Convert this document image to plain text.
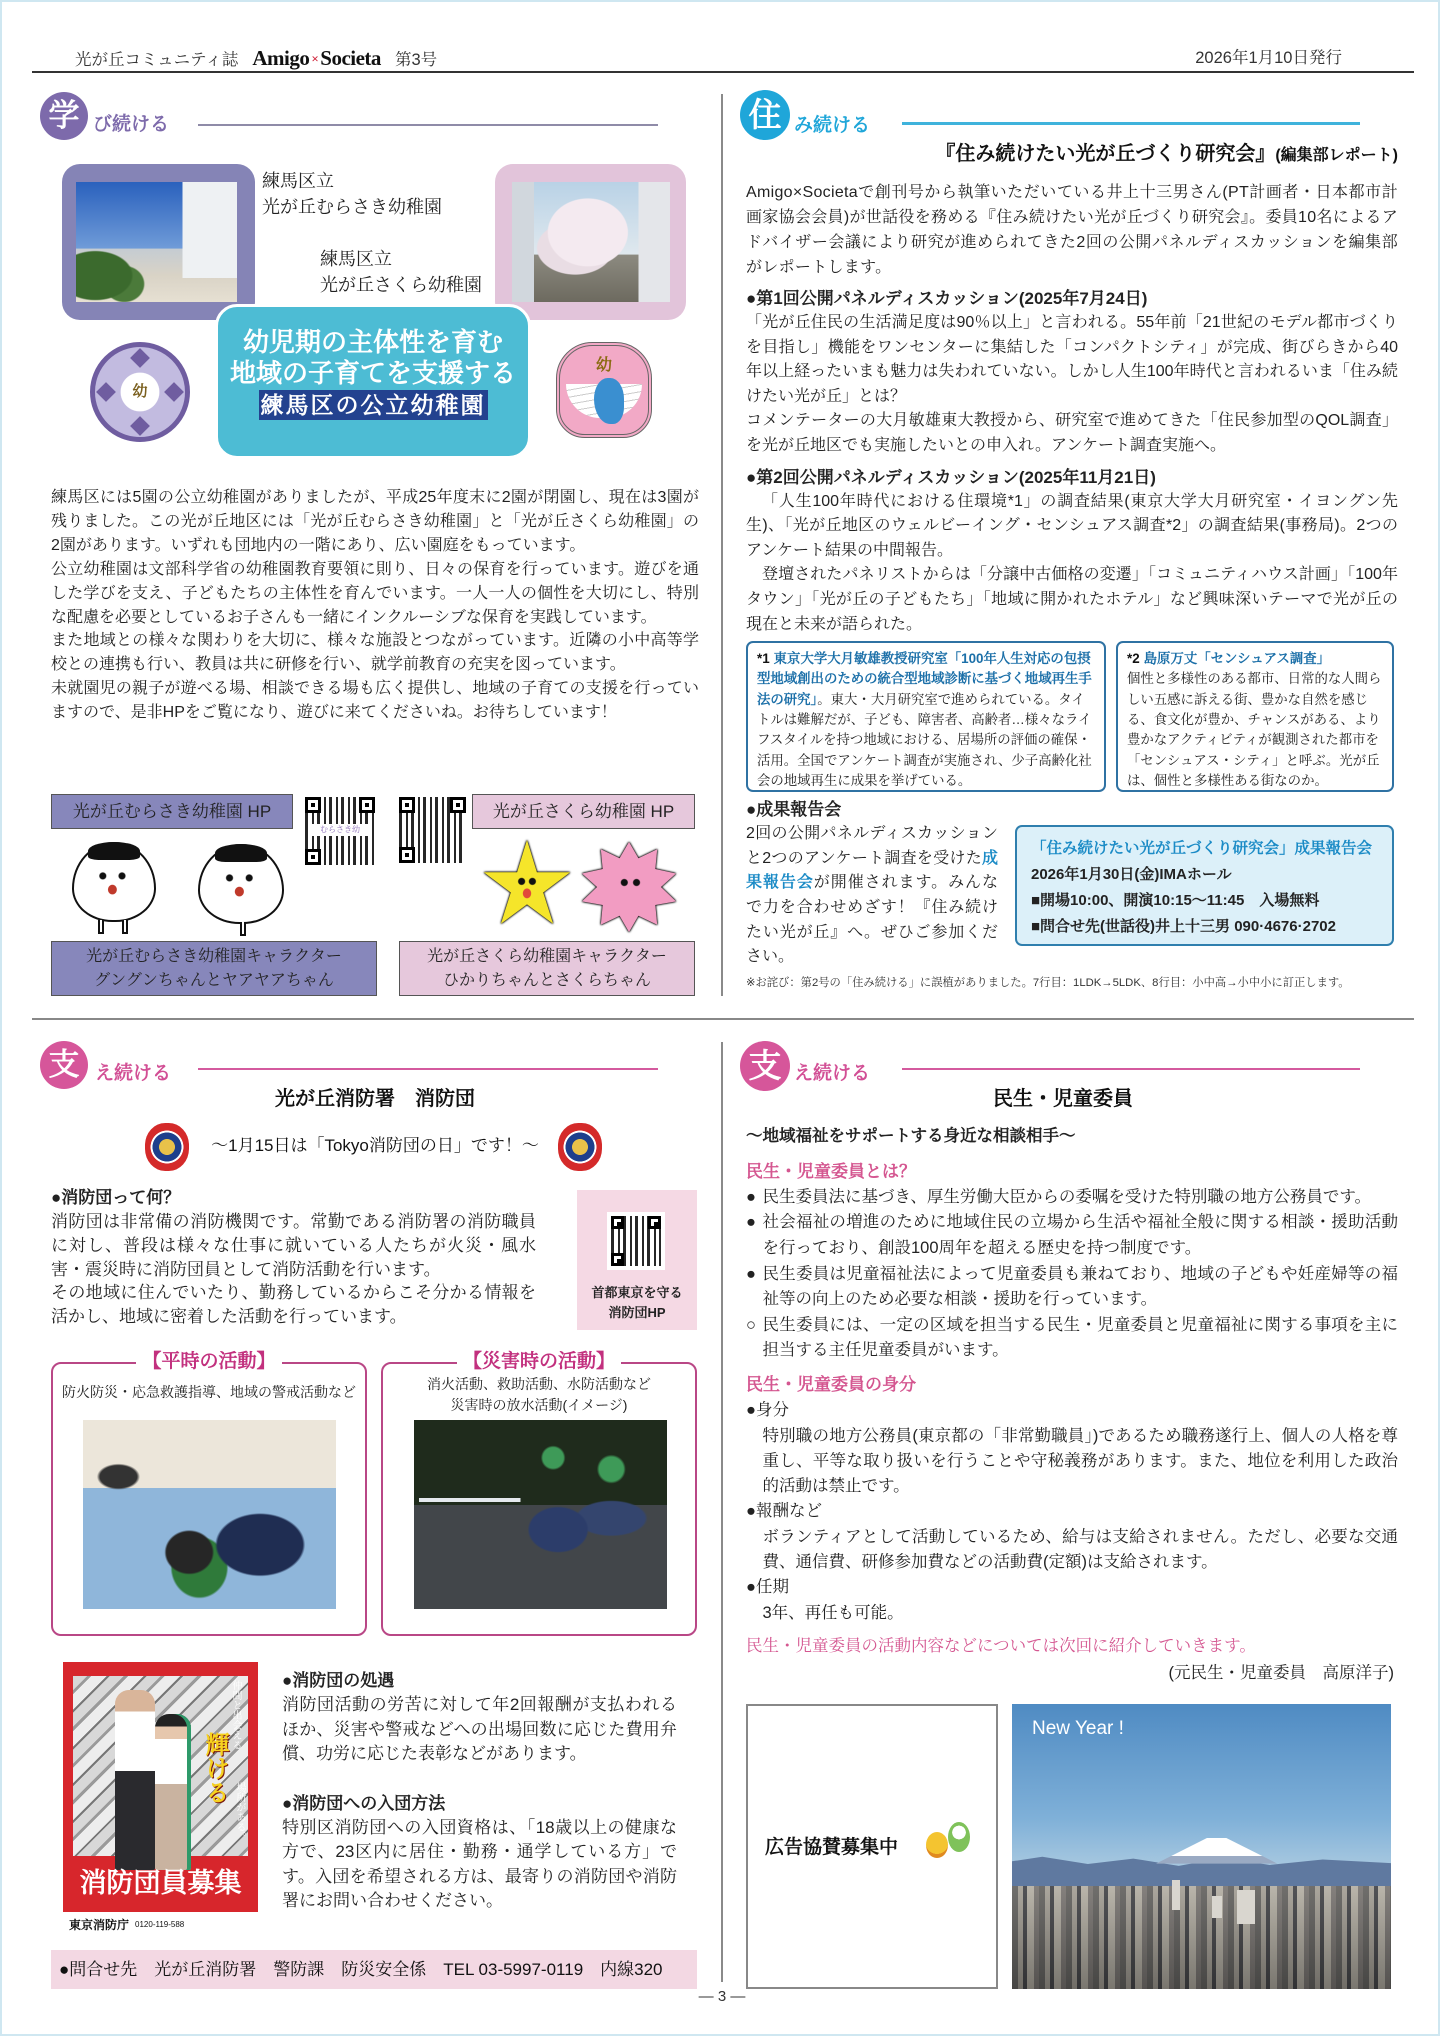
光が丘コミュニティ誌 Amigo ×Societa 第3号	2026年1月10日発行
学 び続ける
練馬区立
光が丘むらさき幼稚園
練馬区立
光が丘さくら幼稚園
幼児期の主体性を育む
地域の子育てを支援する
練馬区の公立幼稚園
幼
幼

練馬区には5園の公立幼稚園がありましたが、平成25年度末に2園が閉園し、現在は3園が残りました。この光が丘地区には「光が丘むらさき幼稚園」と「光が丘さくら幼稚園」の2園があります。いずれも団地内の一階にあり、広い園庭をもっています。

公立幼稚園は文部科学省の幼稚園教育要領に則り、日々の保育を行っています。遊びを通した学びを支え、子どもたちの主体性を育んでいます。一人一人の個性を大切にし、特別な配慮を必要としているお子さんも一緒にインクルーシブな保育を実践しています。

また地域との様々な関わりを大切に、様々な施設とつながっています。近隣の小中高等学校との連携も行い、教員は共に研修を行い、就学前教育の充実を図っています。

未就園児の親子が遊べる場、相談できる場も広く提供し、地域の子育ての支援を行っていますので、是非HPをご覧になり、遊びに来てくださいね。お待ちしています！

光が丘むらさき幼稚園 HP
むらさき幼
光が丘さくら幼稚園 HP
光が丘むらさき幼稚園キャラクター
グングンちゃんとヤアヤアちゃん
光が丘さくら幼稚園キャラクター
ひかりちゃんとさくらちゃん
住 み続ける
『住み続けたい光が丘づくり研究会』(編集部レポート)

Amigo×Societaで創刊号から執筆いただいている井上十三男さん(PT計画者・日本都市計画家協会会員)が世話役を務める『住み続けたい光が丘づくり研究会』。委員10名によるアドバイザー会議により研究が進められてきた2回の公開パネルディスカッションを編集部がレポートします。

●第1回公開パネルディスカッション(2025年7月24日)

「光が丘住民の生活満足度は90％以上」と言われる。55年前「21世紀のモデル都市づくりを目指し」機能をワンセンターに集結した「コンパクトシティ」が完成、街びらきから40年以上経ったいまも魅力は失われていない。しかし人生100年時代と言われるいま「住み続けたい光が丘」とは？

コメンテーターの大月敏雄東大教授から、研究室で進めてきた「住民参加型のQOL調査」を光が丘地区でも実施したいとの申入れ。アンケート調査実施へ。

●第2回公開パネルディスカッション(2025年11月21日)

「人生100年時代における住環境*1」の調査結果(東京大学大月研究室・イヨングン先生)、「光が丘地区のウェルビーイング・センシュアス調査*2」の調査結果(事務局)。2つのアンケート結果の中間報告。

登壇されたパネリストからは「分譲中古価格の変遷」「コミュニティハウス計画」「100年タウン」「光が丘の子どもたち」「地域に開かれたホテル」など興味深いテーマで光が丘の現在と未来が語られた。

*1 東京大学大月敏雄教授研究室「100年人生対応の包摂型地域創出のための統合型地域診断に基づく地域再生手法の研究」。東大・大月研究室で進められている。タイトルは難解だが、子ども、障害者、高齢者…様々なライフスタイルを持つ地域における、居場所の評価の確保・活用。全国でアンケート調査が実施され、少子高齢化社会の地域再生に成果を挙げている。
*2 島原万丈「センシュアス調査」
個性と多様性のある都市、日常的な人間らしい五感に訴える街、豊かな自然を感じる、食文化が豊か、チャンスがある、より豊かなアクティビティが観測された都市を「センシュアス・シティ」と呼ぶ。光が丘は、個性と多様性ある街なのか。
●成果報告会

2回の公開パネルディスカッションと2つのアンケート調査を受けた成果報告会が開催されます。みんなで力を合わせめざす！『住み続けたい光が丘』へ。ぜひご参加ください。

「住み続けたい光が丘づくり研究会」成果報告会
2026年1月30日(金)IMAホール
■開場10:00、開演10:15～11:45　入場無料
■問合せ先(世話役)井上十三男 090·4676·2702
※お詫び：第2号の「住み続ける」に誤植がありました。7行目：1LDK→5LDK、8行目：小中高→小中小に訂正します。
支 え続ける
光が丘消防署　消防団
～1月15日は「Tokyo消防団の日」です！～
●消防団って何？

消防団は非常備の消防機関です。常勤である消防署の消防職員に対し、普段は様々な仕事に就いている人たちが火災・風水害・震災時に消防団員として消防活動を行います。

その地域に住んでいたり、勤務しているからこそ分かる情報を活かし、地域に密着した活動を行っています。

首都東京を守る
消防団HP
【平時の活動】
防火防災・応急救護指導、地域の警戒活動など
【災害時の活動】
消火活動、救助活動、水防活動など
災害時の放水活動(イメージ)
仲間と出会える
輝ける
場所がある。
消防団員募集
東京消防庁 0120-119-588
●消防団の処遇

消防団活動の労苦に対して年2回報酬が支払われるほか、災害や警戒などへの出場回数に応じた費用弁償、功労に応じた表彰などがあります。

●消防団への入団方法

特別区消防団への入団資格は、「18歳以上の健康な方で、23区内に居住・勤務・通学している方」です。入団を希望される方は、最寄りの消防団や消防署にお問い合わせください。

●問合せ先　光が丘消防署　警防課　防災安全係　TEL 03-5997-0119　内線320
支 え続ける
民生・児童委員
～地域福祉をサポートする身近な相談相手～
民生・児童委員とは？
● 民生委員法に基づき、厚生労働大臣からの委嘱を受けた特別職の地方公務員です。
● 社会福祉の増進のために地域住民の立場から生活や福祉全般に関する相談・援助活動を行っており、創設100周年を超える歴史を持つ制度です。
● 民生委員は児童福祉法によって児童委員も兼ねており、地域の子どもや妊産婦等の福祉等の向上のため必要な相談・援助を行っています。
○ 民生委員には、一定の区域を担当する民生・児童委員と児童福祉に関する事項を主に担当する主任児童委員がいます。
民生・児童委員の身分
●身分

特別職の地方公務員(東京都の「非常勤職員」)であるため職務遂行上、個人の人格を尊重し、平等な取り扱いを行うことや守秘義務があります。また、地位を利用した政治的活動は禁止です。

●報酬など

ボランティアとして活動しているため、給与は支給されません。ただし、必要な交通費、通信費、研修参加費などの活動費(定額)は支給されます。

●任期

3年、再任も可能。

民生・児童委員の活動内容などについては次回に紹介していきます。
(元民生・児童委員　高原洋子)
広告協賛募集中
New Year !
— 3 —
